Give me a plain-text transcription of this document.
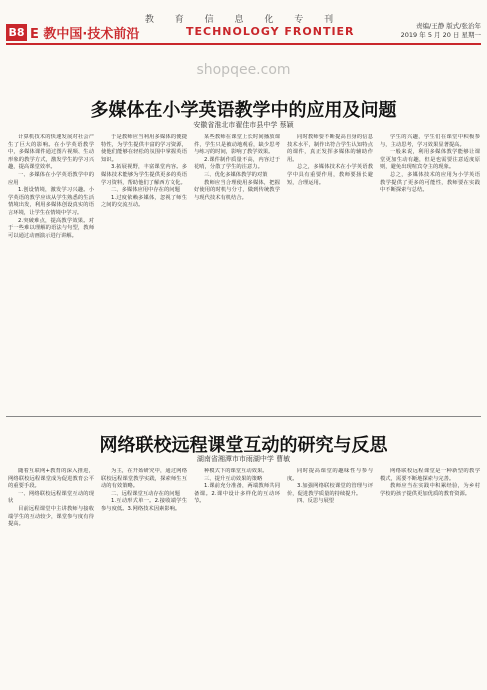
教 育 信 息 化 专 刊
B8 E 教中国·技术前沿	TECHNOLOGY FRONTIER	责编/王静 版式/张治年
2019 年 5 月 20 日 星期一
shopqee.com
多媒体在小学英语教学中的应用及问题
安徽省淮北市翟佳市县中学 蔡颖

计算机技术的快速发展对社会产生了巨大的影响。在小学英语教学中，多媒体课件通过图片视频、生动形象的教学方式，激发学生的学习兴趣，提高课堂效率。

一、多媒体在小学英语教学中的应用

1.创设情境，激发学习兴趣。小学英语的教学应该从学生熟悉的生活情境出发，利用多媒体创设真实的语言环境，让学生在情境中学习。

2.突破难点，提高教学效果。对于一些难以理解的语法与句型，教师可以通过动画演示进行讲解。

于是教师应当利用多媒体的便捷特性，为学生提供丰富的学习资源，使他们能够在轻松的氛围中掌握英语知识。

3.拓展视野，丰富课堂内容。多媒体技术能够为学生提供更多的英语学习资料，帮助他们了解西方文化。

二、多媒体应用中存在的问题

1.过度依赖多媒体，忽视了师生之间的交流互动。

某些教师在课堂上长时间播放课件，学生只是被动地观看，缺少思考与练习的时间，影响了教学效果。

2.课件制作质量不高，内容过于花哨，分散了学生的注意力。

三、优化多媒体教学的对策

教师应当合理使用多媒体，把握好使用的时机与分寸，做到传统教学与现代技术有机结合。

同时教师要不断提高自身的信息技术水平，制作出符合学生认知特点的课件，真正发挥多媒体的辅助作用。

总之，多媒体技术在小学英语教学中具有重要作用，教师要扬长避短，合理运用。

学生的兴趣，学生们在课堂中积极参与，主动思考，学习效果显著提高。

一般来说，利用多媒体教学能够让课堂更加生动有趣，但是也需要注意适度原则，避免出现喧宾夺主的现象。

总之，多媒体技术的应用为小学英语教学提供了更多的可能性，教师要在实践中不断探索与总结。

网络联校远程课堂互动的研究与反思
湖南省湘潭市市雨湖中学 曹敏

随着互联网+教育的深入推进，网络联校远程课堂成为促进教育公平的重要手段。

一、网络联校远程课堂互动的现状

目前远程课堂中主讲教师与接收端学生的互动较少，课堂参与度有待提高。

为主，在开始研究中，通过网络联校远程课堂教学实践，探索师生互动的有效策略。

二、远程课堂互动存在的问题

1.互动形式单一。2.接收端学生参与度低。3.网络技术因素影响。

种模式下的课堂互动效果。

三、提升互动效果的策略

1.课前充分准备，两端教师共同备课。2.课中设计多样化的互动环节。

同时提高课堂的趣味性与参与度。

3.加强网络联校课堂的管理与评价，促进教学质量的持续提升。

四、反思与展望

网络联校远程课堂是一种新型的教学模式，需要不断地探索与完善。

教师应当在实践中积累经验，为乡村学校的孩子提供更加优质的教育资源。
